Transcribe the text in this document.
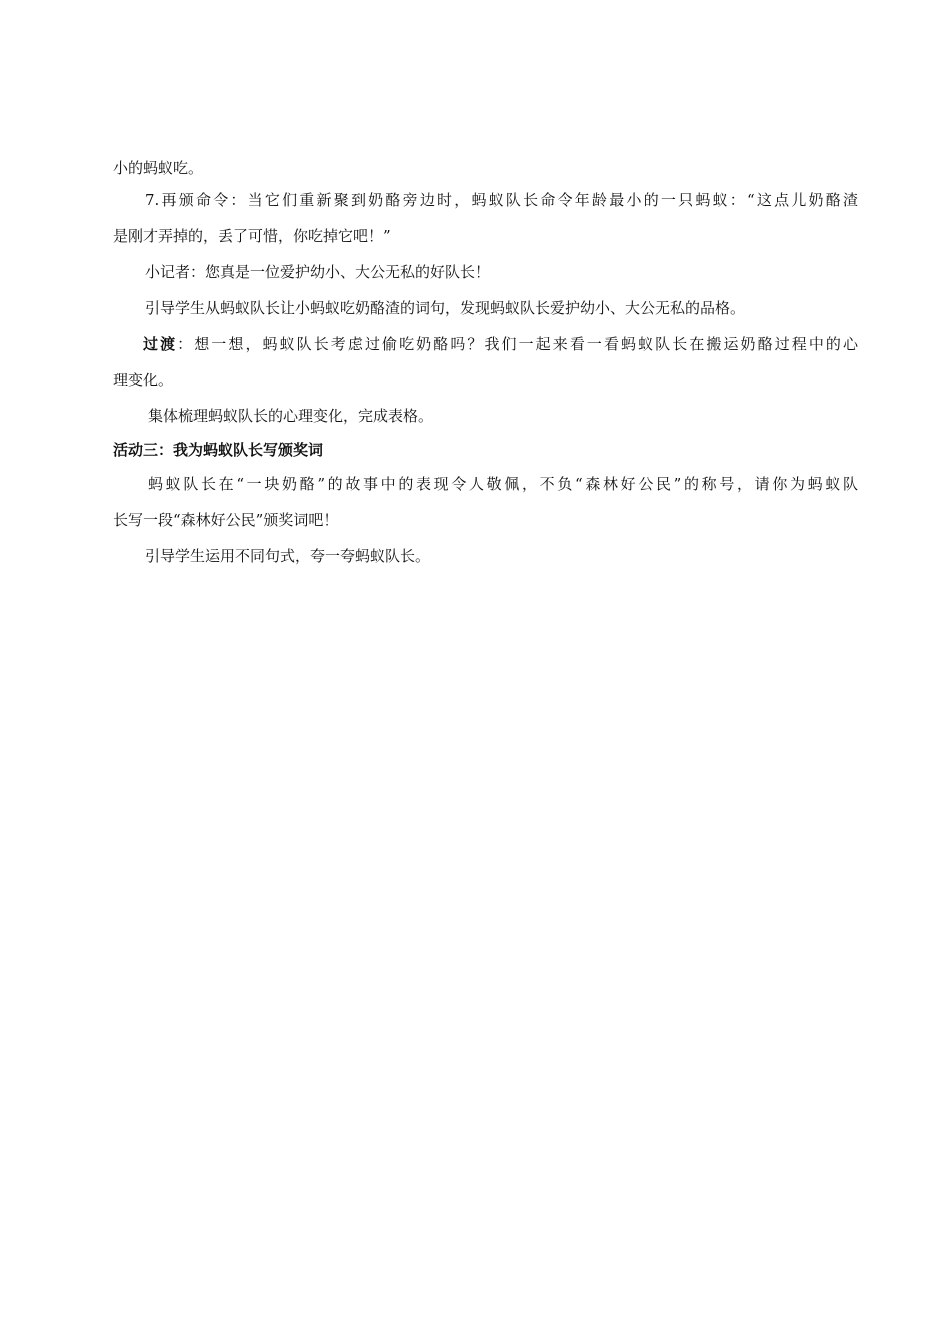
小的蚂蚁吃。
7.再颁命令：当它们重新聚到奶酪旁边时，蚂蚁队长命令年龄最小的一只蚂蚁：“这点儿奶酪渣
是刚才弄掉的，丢了可惜，你吃掉它吧！”
小记者：您真是一位爱护幼小、大公无私的好队长！
引导学生从蚂蚁队长让小蚂蚁吃奶酪渣的词句，发现蚂蚁队长爱护幼小、大公无私的品格。
过渡：想一想，蚂蚁队长考虑过偷吃奶酪吗？我们一起来看一看蚂蚁队长在搬运奶酪过程中的心
理变化。
集体梳理蚂蚁队长的心理变化，完成表格。
活动三：我为蚂蚁队长写颁奖词
蚂蚁队长在“一块奶酪”的故事中的表现令人敬佩，不负“森林好公民”的称号，请你为蚂蚁队
长写一段“森林好公民”颁奖词吧！
引导学生运用不同句式，夸一夸蚂蚁队长。
